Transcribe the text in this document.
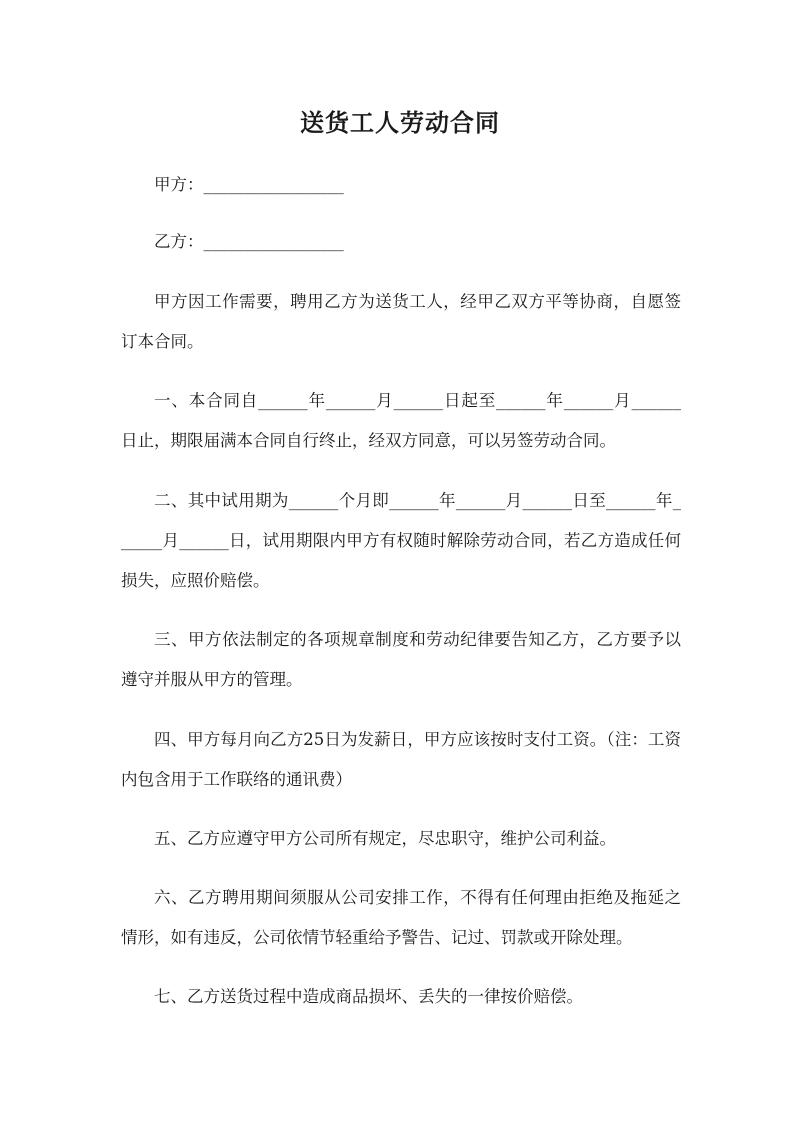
送货工人劳动合同

甲方：_________________

乙方：_________________

甲方因工作需要，聘用乙方为送货工人，经甲乙双方平等协商，自愿签订本合同。

一、本合同自______年______月______日起至______年______月______日止，期限届满本合同自行终止，经双方同意，可以另签劳动合同。

二、其中试用期为______个月即______年______月______日至______年______月______日，试用期限内甲方有权随时解除劳动合同，若乙方造成任何损失，应照价赔偿。

三、甲方依法制定的各项规章制度和劳动纪律要告知乙方，乙方要予以遵守并服从甲方的管理。

四、甲方每月向乙方25日为发薪日，甲方应该按时支付工资。（注：工资内包含用于工作联络的通讯费）

五、乙方应遵守甲方公司所有规定，尽忠职守，维护公司利益。

六、乙方聘用期间须服从公司安排工作，不得有任何理由拒绝及拖延之情形，如有违反，公司依情节轻重给予警告、记过、罚款或开除处理。

七、乙方送货过程中造成商品损坏、丢失的一律按价赔偿。
